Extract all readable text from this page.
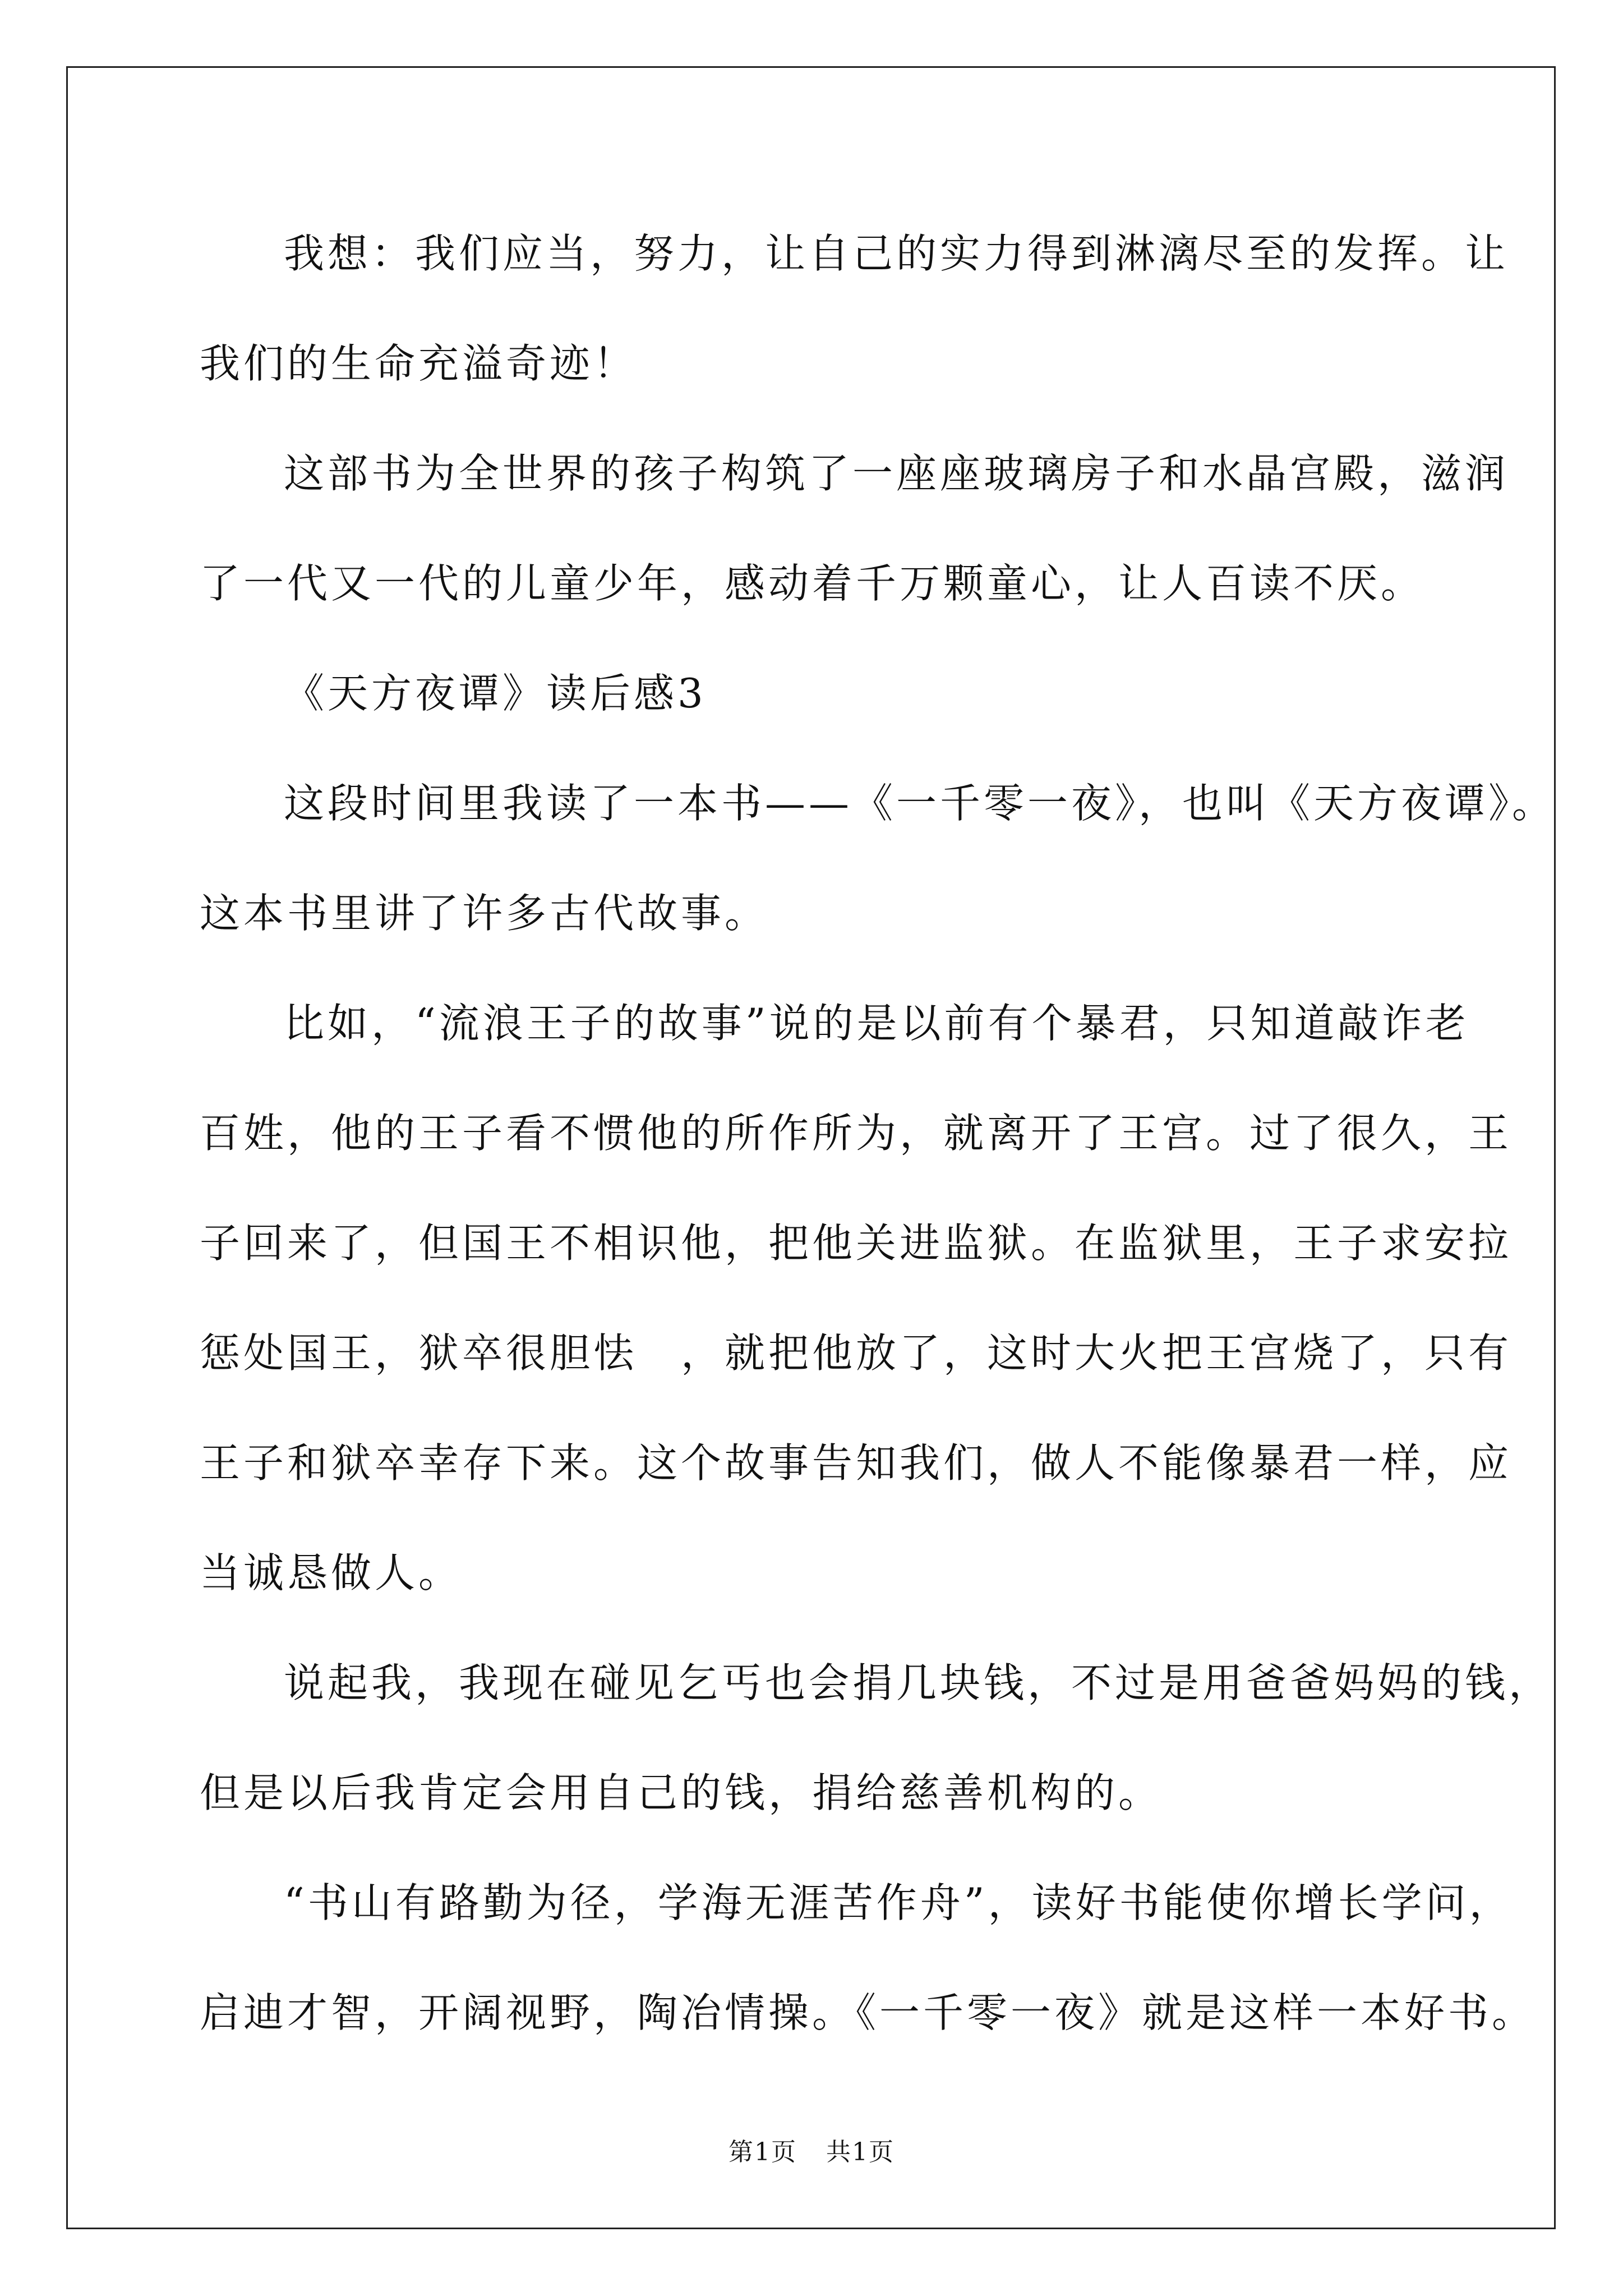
我想：我们应当，努力，让自己的实力得到淋漓尽至的发挥。让
我们的生命充溢奇迹！
这部书为全世界的孩子构筑了一座座玻璃房子和水晶宫殿，滋润
了一代又一代的儿童少年，感动着千万颗童心，让人百读不厌。
《天方夜谭》读后感3
这段时间里我读了一本书——《一千零一夜》，也叫《天方夜谭》。
这本书里讲了许多古代故事。
比如，“流浪王子的故事”说的是以前有个暴君，只知道敲诈老
百姓，他的王子看不惯他的所作所为，就离开了王宫。过了很久，王
子回来了，但国王不相识他，把他关进监狱。在监狱里，王子求安拉
惩处国王，狱卒很胆怯　，就把他放了，这时大火把王宫烧了，只有
王子和狱卒幸存下来。这个故事告知我们，做人不能像暴君一样，应
当诚恳做人。
说起我，我现在碰见乞丐也会捐几块钱，不过是用爸爸妈妈的钱，
但是以后我肯定会用自己的钱，捐给慈善机构的。
“书山有路勤为径，学海无涯苦作舟”，读好书能使你增长学问，
启迪才智，开阔视野，陶冶情操。《一千零一夜》就是这样一本好书。
第1页 共1页
